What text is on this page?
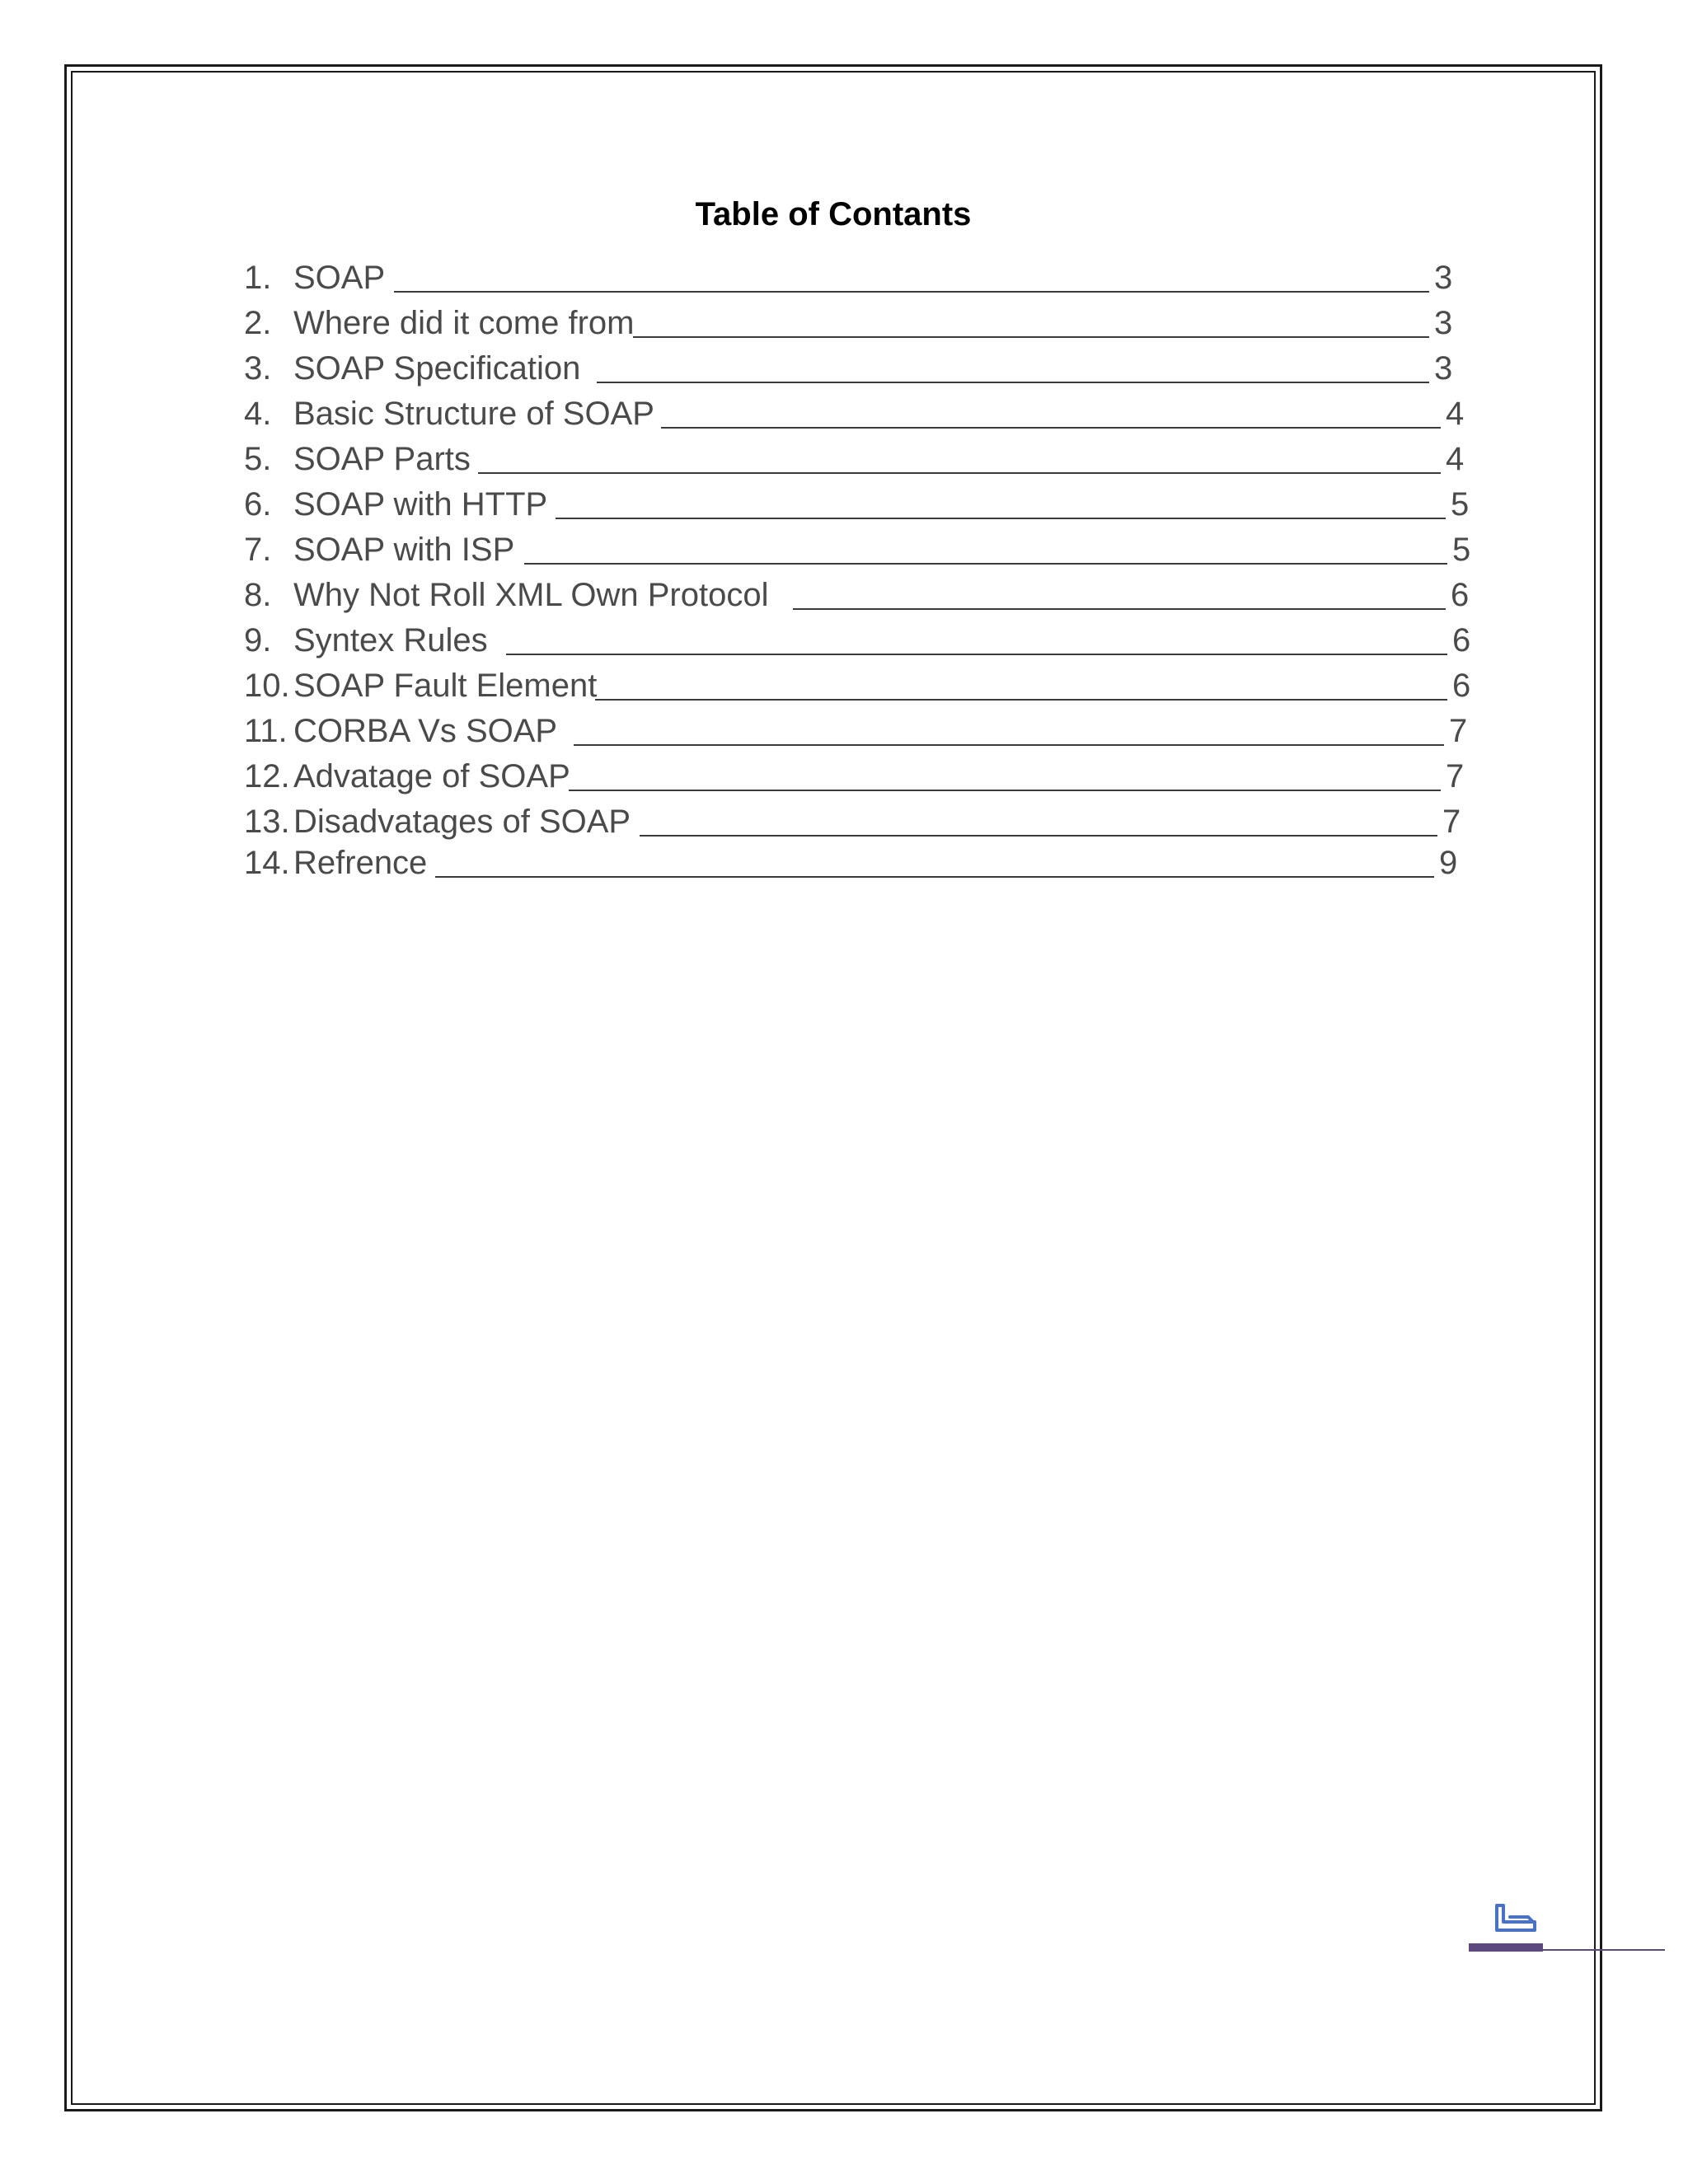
Table of Contants
1. SOAP	3
2. Where did it come from	3
3. SOAP Specification	3
4. Basic Structure of SOAP	4
5. SOAP Parts	4
6. SOAP with HTTP	5
7. SOAP with ISP	5
8. Why Not Roll XML Own Protocol	6
9. Syntex Rules	6
10. SOAP Fault Element	6
11. CORBA Vs SOAP	7
12. Advatage of SOAP	7
13. Disadvatages of SOAP	7
14. Refrence	9
